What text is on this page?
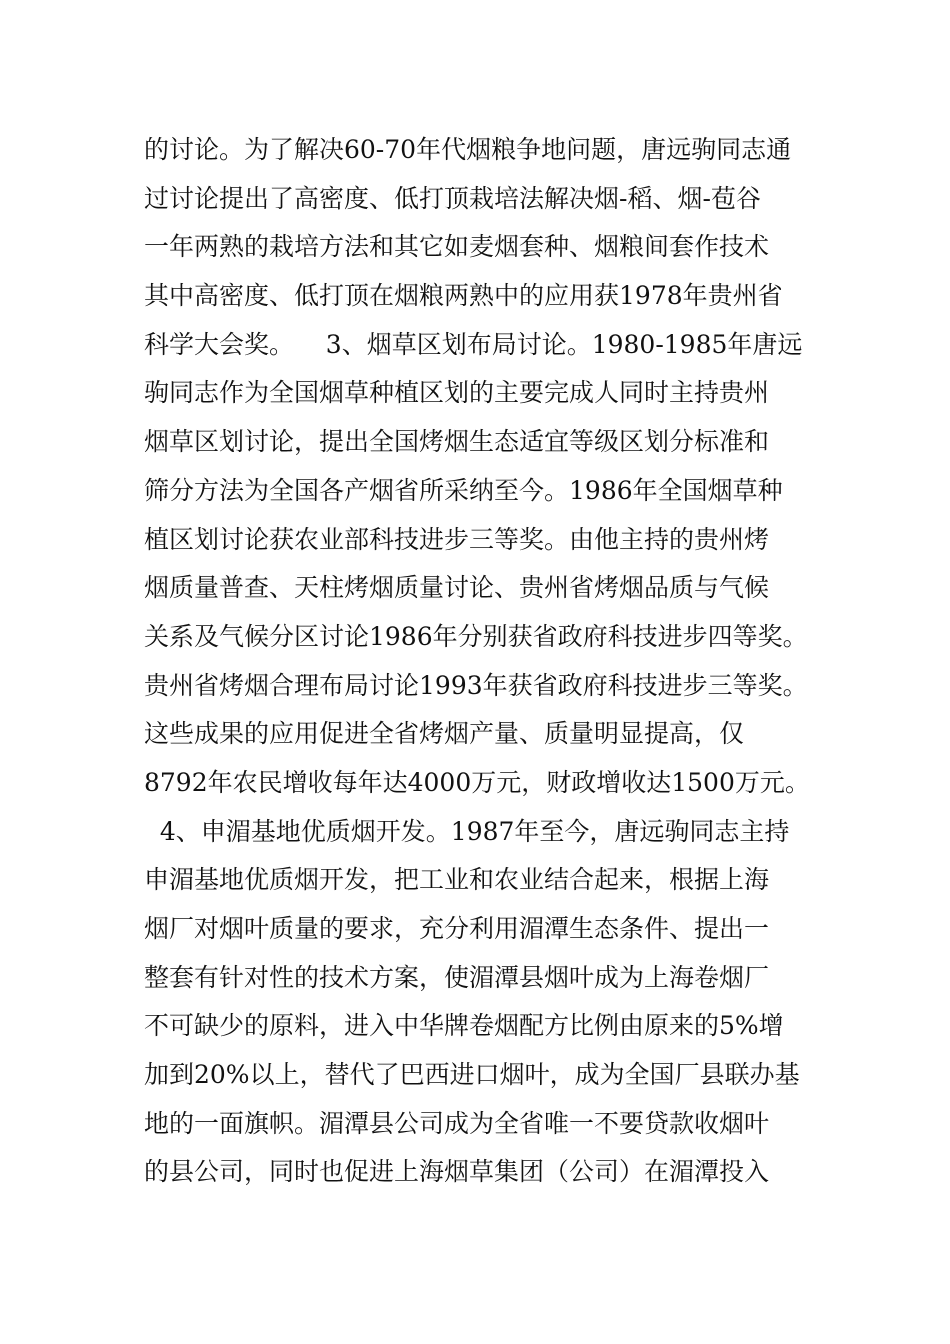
的讨论。为了解决60-70年代烟粮争地问题，唐远驹同志通
过讨论提出了高密度、低打顶栽培法解决烟-稻、烟-苞谷
一年两熟的栽培方法和其它如麦烟套种、烟粮间套作技术
其中高密度、低打顶在烟粮两熟中的应用获1978年贵州省
科学大会奖。    3、烟草区划布局讨论。1980-1985年唐远
驹同志作为全国烟草种植区划的主要完成人同时主持贵州
烟草区划讨论，提出全国烤烟生态适宜等级区划分标准和
筛分方法为全国各产烟省所采纳至今。1986年全国烟草种
植区划讨论获农业部科技进步三等奖。由他主持的贵州烤
烟质量普查、天柱烤烟质量讨论、贵州省烤烟品质与气候
关系及气候分区讨论1986年分别获省政府科技进步四等奖。
贵州省烤烟合理布局讨论1993年获省政府科技进步三等奖。
这些成果的应用促进全省烤烟产量、质量明显提高，仅
8792年农民增收每年达4000万元，财政增收达1500万元。
4、申湄基地优质烟开发。1987年至今，唐远驹同志主持
申湄基地优质烟开发，把工业和农业结合起来，根据上海
烟厂对烟叶质量的要求，充分利用湄潭生态条件、提出一
整套有针对性的技术方案，使湄潭县烟叶成为上海卷烟厂
不可缺少的原料，进入中华牌卷烟配方比例由原来的5%增
加到20%以上，替代了巴西进口烟叶，成为全国厂县联办基
地的一面旗帜。湄潭县公司成为全省唯一不要贷款收烟叶
的县公司，同时也促进上海烟草集团（公司）在湄潭投入
